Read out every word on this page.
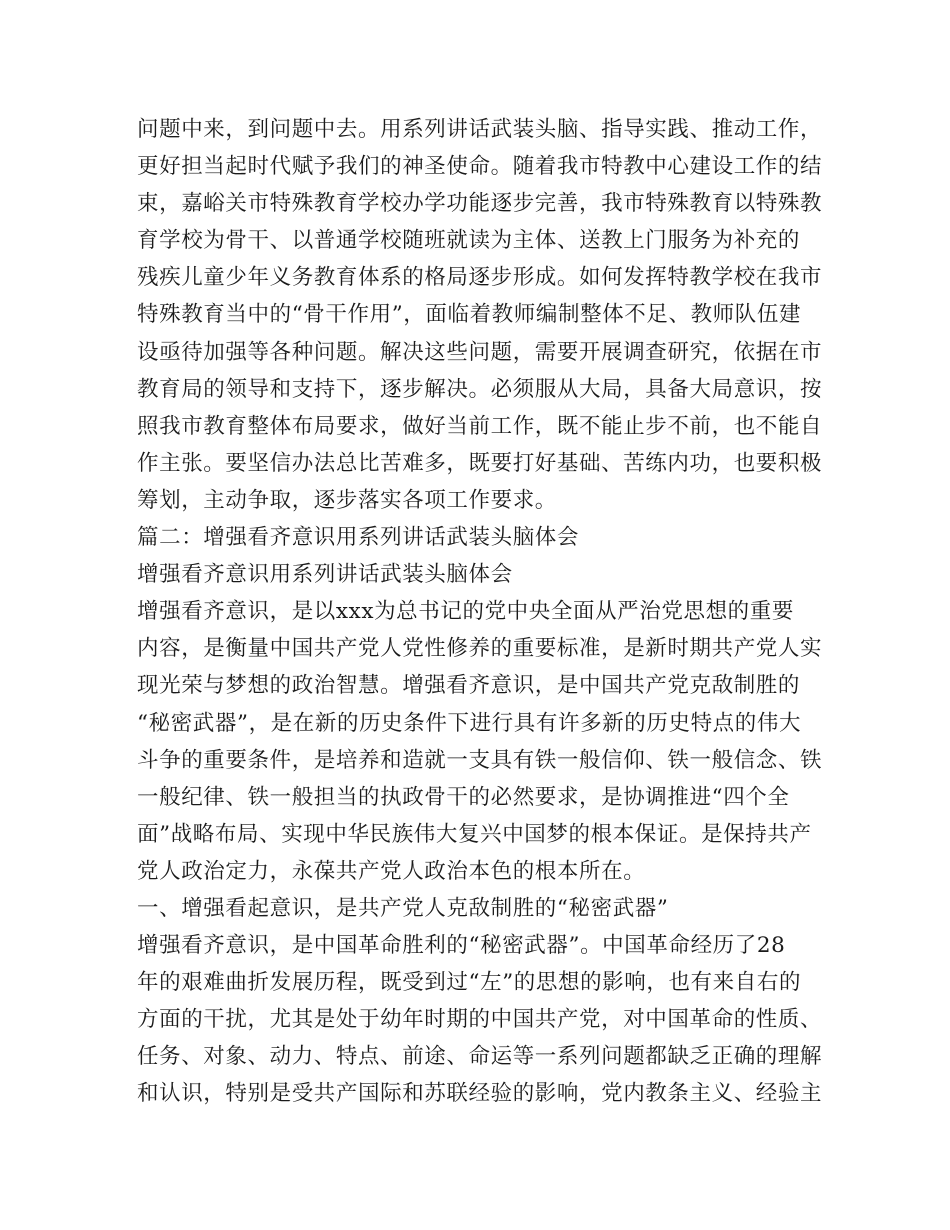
问题中来，到问题中去。用系列讲话武装头脑、指导实践、推动工作，
更好担当起时代赋予我们的神圣使命。随着我市特教中心建设工作的结
束，嘉峪关市特殊教育学校办学功能逐步完善，我市特殊教育以特殊教
育学校为骨干、以普通学校随班就读为主体、送教上门服务为补充的
残疾儿童少年义务教育体系的格局逐步形成。如何发挥特教学校在我市
特殊教育当中的“骨干作用”，面临着教师编制整体不足、教师队伍建
设亟待加强等各种问题。解决这些问题，需要开展调查研究，依据在市
教育局的领导和支持下，逐步解决。必须服从大局，具备大局意识，按
照我市教育整体布局要求，做好当前工作，既不能止步不前，也不能自
作主张。要坚信办法总比苦难多，既要打好基础、苦练内功，也要积极
筹划，主动争取，逐步落实各项工作要求。
篇二：增强看齐意识用系列讲话武装头脑体会
增强看齐意识用系列讲话武装头脑体会
增强看齐意识，是以xxx为总书记的党中央全面从严治党思想的重要
内容，是衡量中国共产党人党性修养的重要标准，是新时期共产党人实
现光荣与梦想的政治智慧。增强看齐意识，是中国共产党克敌制胜的
“秘密武器”，是在新的历史条件下进行具有许多新的历史特点的伟大
斗争的重要条件，是培养和造就一支具有铁一般信仰、铁一般信念、铁
一般纪律、铁一般担当的执政骨干的必然要求，是协调推进“四个全
面”战略布局、实现中华民族伟大复兴中国梦的根本保证。是保持共产
党人政治定力，永葆共产党人政治本色的根本所在。
一、增强看起意识，是共产党人克敌制胜的“秘密武器”
增强看齐意识，是中国革命胜利的“秘密武器”。中国革命经历了28
年的艰难曲折发展历程，既受到过“左”的思想的影响，也有来自右的
方面的干扰，尤其是处于幼年时期的中国共产党，对中国革命的性质、
任务、对象、动力、特点、前途、命运等一系列问题都缺乏正确的理解
和认识，特别是受共产国际和苏联经验的影响，党内教条主义、经验主
